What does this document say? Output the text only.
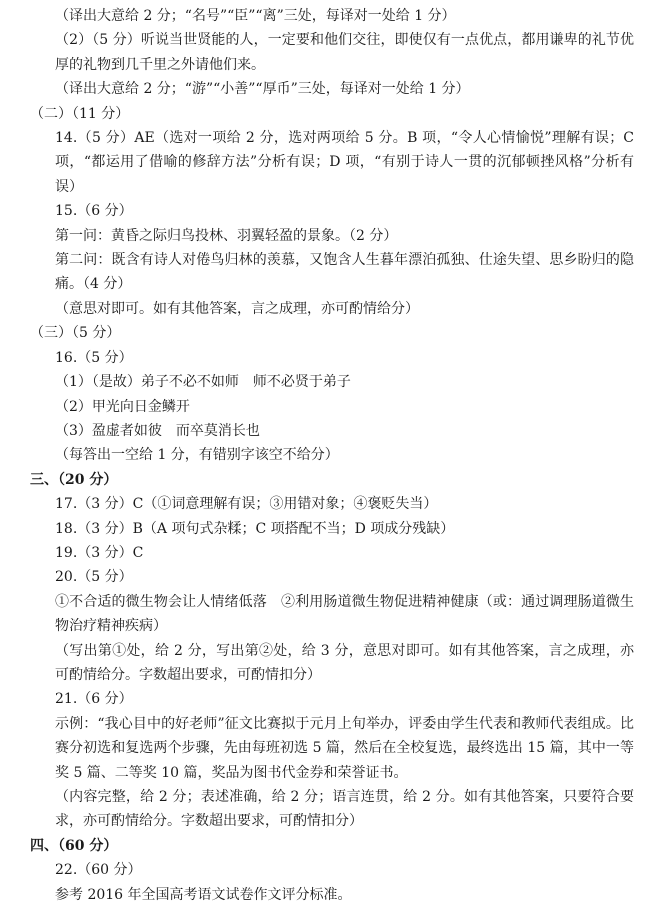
（译出大意给 2 分；“名号”“臣”“离”三处，每译对一处给 1 分）

（2）（5 分）听说当世贤能的人，一定要和他们交往，即使仅有一点优点，都用谦卑的礼节优厚的礼物到几千里之外请他们来。

（译出大意给 2 分；“游”“小善”“厚币”三处，每译对一处给 1 分）

（二）（11 分）

14.（5 分）AE（选对一项给 2 分，选对两项给 5 分。B 项，“令人心情愉悦”理解有误；C 项，“都运用了借喻的修辞方法”分析有误；D 项，“有别于诗人一贯的沉郁顿挫风格”分析有误）

15.（6 分）

第一问：黄昏之际归鸟投林、羽翼轻盈的景象。（2 分）

第二问：既含有诗人对倦鸟归林的羡慕，又饱含人生暮年漂泊孤独、仕途失望、思乡盼归的隐痛。（4 分）

（意思对即可。如有其他答案，言之成理，亦可酌情给分）

（三）（5 分）

16.（5 分）

（1）（是故）弟子不必不如师　师不必贤于弟子

（2）甲光向日金鳞开

（3）盈虚者如彼　而卒莫消长也

（每答出一空给 1 分，有错别字该空不给分）

三、（20 分）

17.（3 分）C（①词意理解有误；③用错对象；④褒贬失当）

18.（3 分）B（A 项句式杂糅；C 项搭配不当；D 项成分残缺）

19.（3 分）C

20.（5 分）

①不合适的微生物会让人情绪低落　②利用肠道微生物促进精神健康（或：通过调理肠道微生物治疗精神疾病）

（写出第①处，给 2 分，写出第②处，给 3 分，意思对即可。如有其他答案，言之成理，亦可酌情给分。字数超出要求，可酌情扣分）

21.（6 分）

示例：“我心目中的好老师”征文比赛拟于元月上旬举办，评委由学生代表和教师代表组成。比赛分初选和复选两个步骤，先由每班初选 5 篇，然后在全校复选，最终选出 15 篇，其中一等奖 5 篇、二等奖 10 篇，奖品为图书代金券和荣誉证书。

（内容完整，给 2 分；表述准确，给 2 分；语言连贯，给 2 分。如有其他答案，只要符合要求，亦可酌情给分。字数超出要求，可酌情扣分）

四、（60 分）

22.（60 分）

参考 2016 年全国高考语文试卷作文评分标准。
